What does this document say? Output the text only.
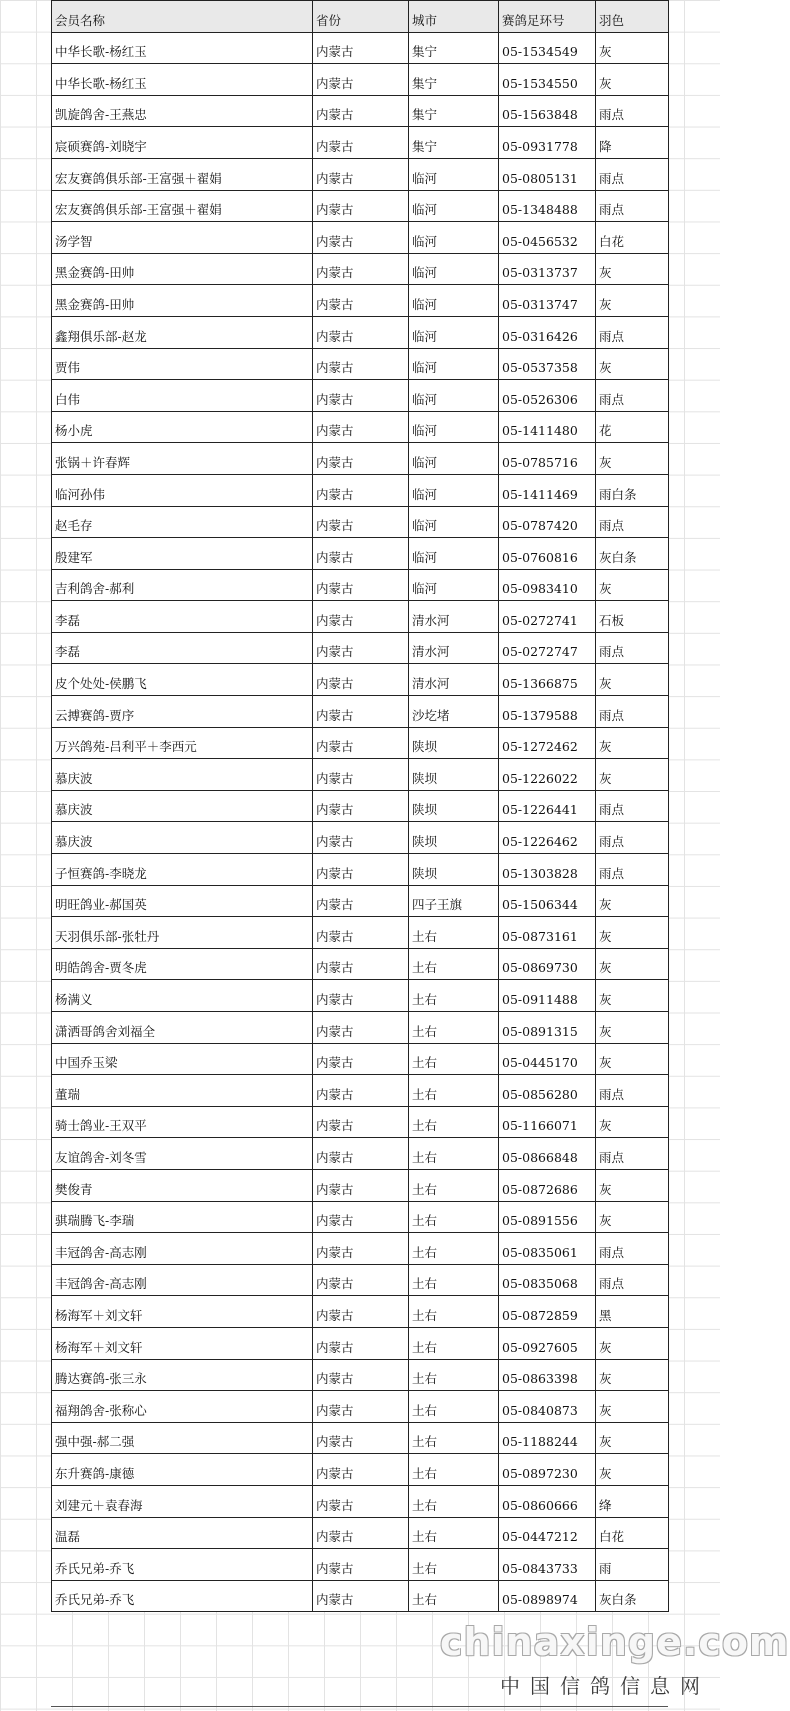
会员名称	省份	城市	赛鸽足环号	羽色
中华长歌-杨红玉	内蒙古	集宁	05-1534549	灰
中华长歌-杨红玉	内蒙古	集宁	05-1534550	灰
凯旋鸽舍-王燕忠	内蒙古	集宁	05-1563848	雨点
宸硕赛鸽-刘晓宇	内蒙古	集宁	05-0931778	降
宏友赛鸽俱乐部-王富强＋翟娟	内蒙古	临河	05-0805131	雨点
宏友赛鸽俱乐部-王富强＋翟娟	内蒙古	临河	05-1348488	雨点
汤学智	内蒙古	临河	05-0456532	白花
黑金赛鸽-田帅	内蒙古	临河	05-0313737	灰
黑金赛鸽-田帅	内蒙古	临河	05-0313747	灰
鑫翔俱乐部-赵龙	内蒙古	临河	05-0316426	雨点
贾伟	内蒙古	临河	05-0537358	灰
白伟	内蒙古	临河	05-0526306	雨点
杨小虎	内蒙古	临河	05-1411480	花
张锅＋许春辉	内蒙古	临河	05-0785716	灰
临河孙伟	内蒙古	临河	05-1411469	雨白条
赵毛存	内蒙古	临河	05-0787420	雨点
殷建军	内蒙古	临河	05-0760816	灰白条
吉利鸽舍-郝利	内蒙古	临河	05-0983410	灰
李磊	内蒙古	清水河	05-0272741	石板
李磊	内蒙古	清水河	05-0272747	雨点
皮个处处-侯鹏飞	内蒙古	清水河	05-1366875	灰
云搏赛鸽-贾序	内蒙古	沙圪堵	05-1379588	雨点
万兴鸽苑-吕利平＋李西元	内蒙古	陕坝	05-1272462	灰
慕庆波	内蒙古	陕坝	05-1226022	灰
慕庆波	内蒙古	陕坝	05-1226441	雨点
慕庆波	内蒙古	陕坝	05-1226462	雨点
子恒赛鸽-李晓龙	内蒙古	陕坝	05-1303828	雨点
明旺鸽业-郝国英	内蒙古	四子王旗	05-1506344	灰
天羽俱乐部-张牡丹	内蒙古	土右	05-0873161	灰
明皓鸽舍-贾冬虎	内蒙古	土右	05-0869730	灰
杨满义	内蒙古	土右	05-0911488	灰
潇洒哥鸽舍刘福全	内蒙古	土右	05-0891315	灰
中国乔玉梁	内蒙古	土右	05-0445170	灰
董瑞	内蒙古	土右	05-0856280	雨点
骑士鸽业-王双平	内蒙古	土右	05-1166071	灰
友谊鸽舍-刘冬雪	内蒙古	土右	05-0866848	雨点
樊俊青	内蒙古	土右	05-0872686	灰
骐瑞腾飞-李瑞	内蒙古	土右	05-0891556	灰
丰冠鸽舍-高志刚	内蒙古	土右	05-0835061	雨点
丰冠鸽舍-高志刚	内蒙古	土右	05-0835068	雨点
杨海军＋刘文轩	内蒙古	土右	05-0872859	黑
杨海军＋刘文轩	内蒙古	土右	05-0927605	灰
腾达赛鸽-张三永	内蒙古	土右	05-0863398	灰
福翔鸽舍-张称心	内蒙古	土右	05-0840873	灰
强中强-郝二强	内蒙古	土右	05-1188244	灰
东升赛鸽-康德	内蒙古	土右	05-0897230	灰
刘建元＋袁春海	内蒙古	土右	05-0860666	绛
温磊	内蒙古	土右	05-0447212	白花
乔氏兄弟-乔飞	内蒙古	土右	05-0843733	雨
乔氏兄弟-乔飞	内蒙古	土右	05-0898974	灰白条
chinaxinge.com
中国信鸽信息网
